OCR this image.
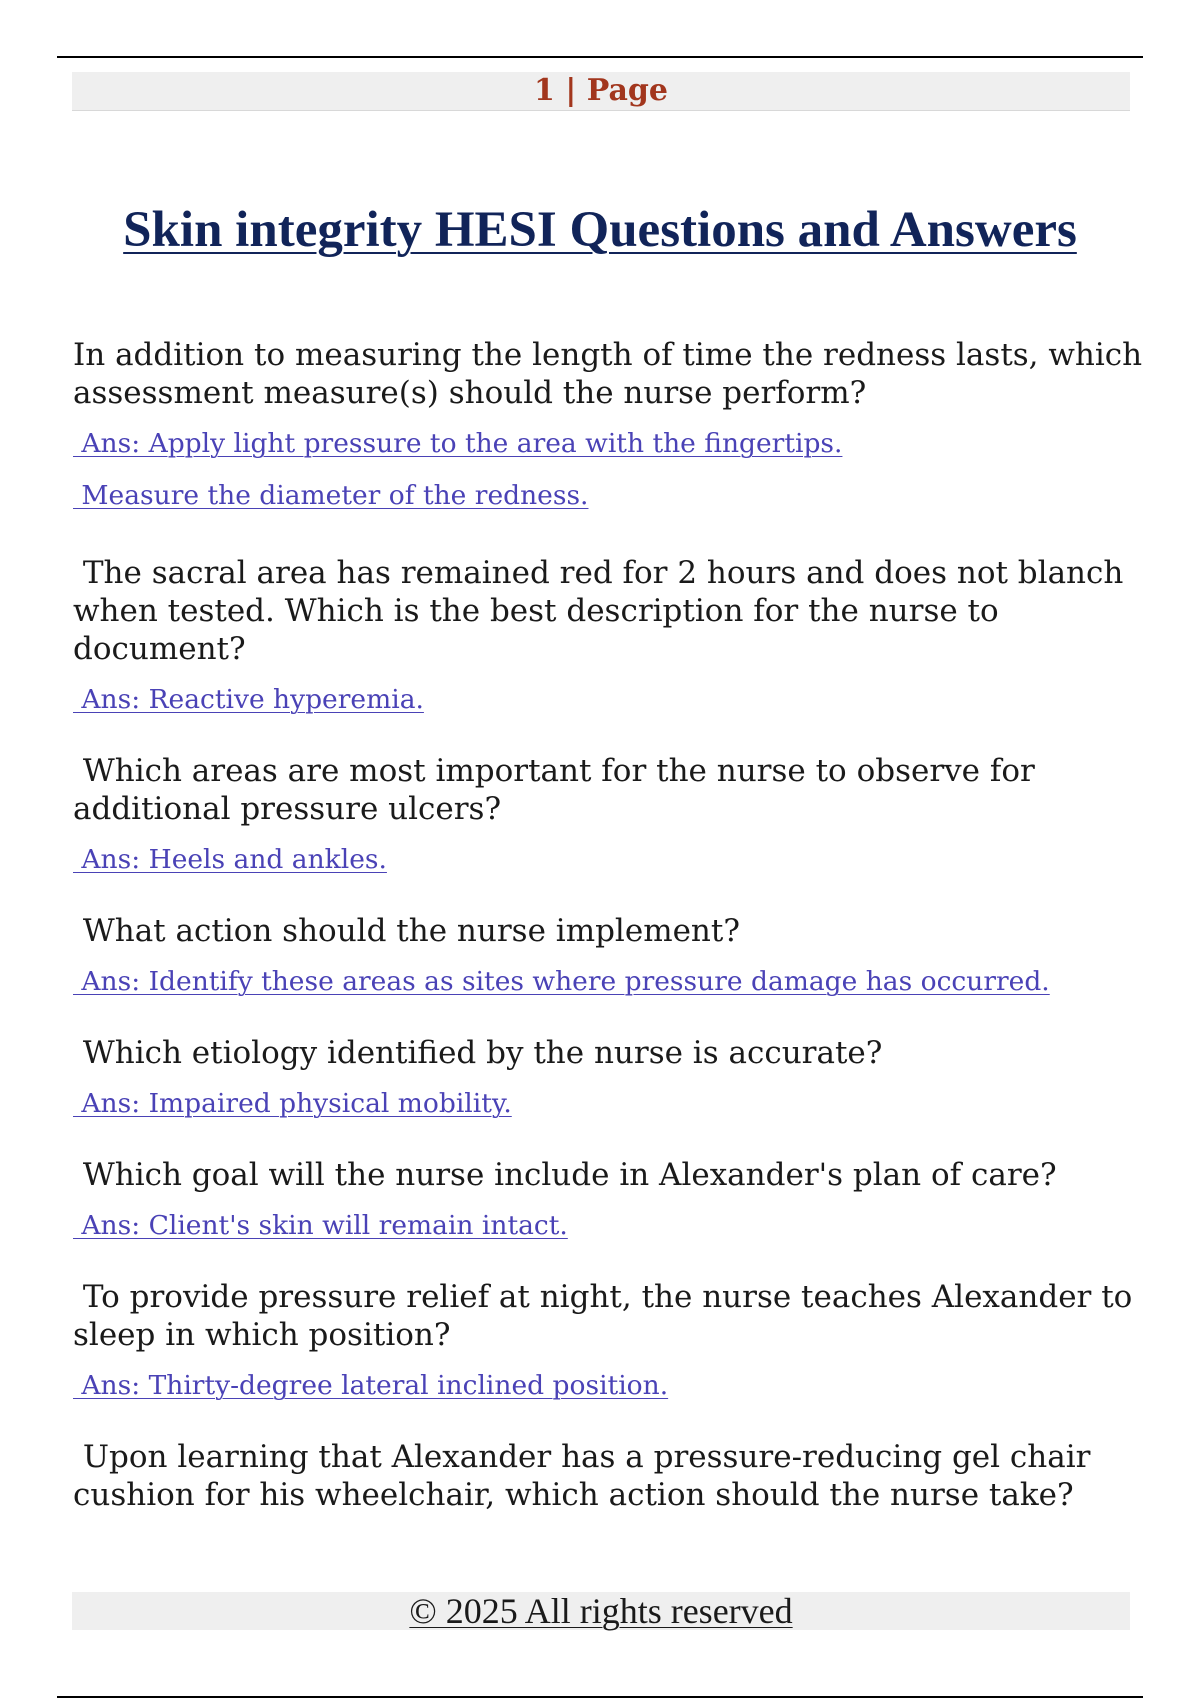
1 | Page
Skin integrity HESI Questions and Answers

In addition to measuring the length of time the redness lasts, which assessment measure(s) should the nurse perform?

Ans: Apply light pressure to the area with the fingertips.
Measure the diameter of the redness.

The sacral area has remained red for 2 hours and does not blanch when tested. Which is the best description for the nurse to document?

Ans: Reactive hyperemia.

Which areas are most important for the nurse to observe for additional pressure ulcers?

Ans: Heels and ankles.

What action should the nurse implement?

Ans: Identify these areas as sites where pressure damage has occurred.

Which etiology identified by the nurse is accurate?

Ans: Impaired physical mobility.

Which goal will the nurse include in Alexander's plan of care?

Ans: Client's skin will remain intact.

To provide pressure relief at night, the nurse teaches Alexander to sleep in which position?

Ans: Thirty-degree lateral inclined position.

Upon learning that Alexander has a pressure-reducing gel chair cushion for his wheelchair, which action should the nurse take?

© 2025 All rights reserved
